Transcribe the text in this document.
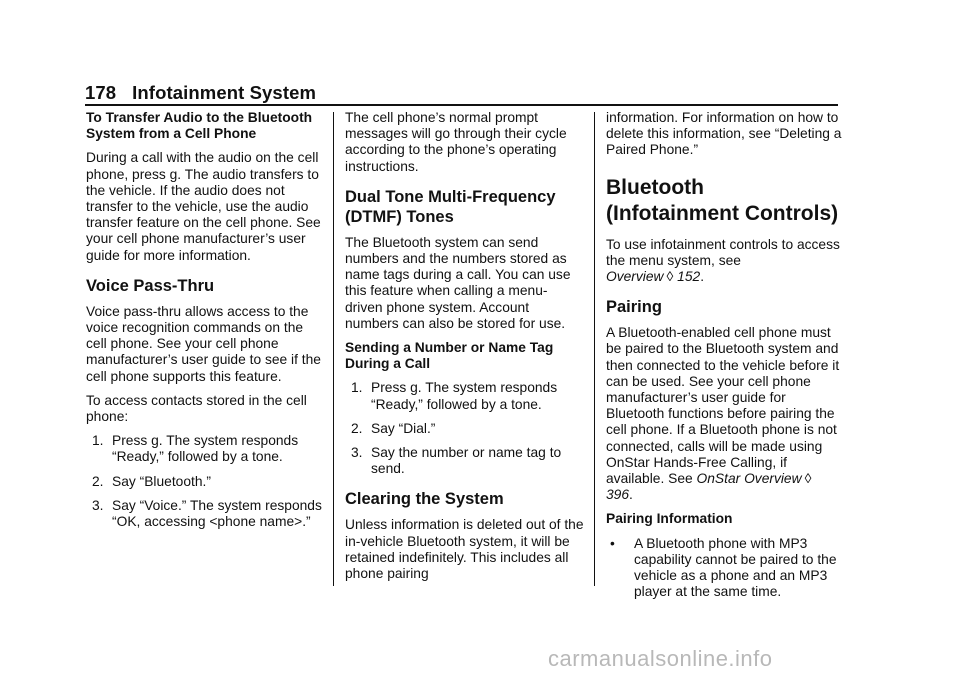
178 Infotainment System
To Transfer Audio to the Bluetooth System from a Cell Phone

During a call with the audio on the cell phone, press g. The audio transfers to the vehicle. If the audio does not transfer to the vehicle, use the audio transfer feature on the cell phone. See your cell phone manufacturer’s user guide for more information.

Voice Pass-Thru

Voice pass-thru allows access to the voice recognition commands on the cell phone. See your cell phone manufacturer’s user guide to see if the cell phone supports this feature.

To access contacts stored in the cell phone:

1. Press g. The system responds “Ready,” followed by a tone.
2. Say “Bluetooth.”
3. Say “Voice.” The system responds “OK, accessing <phone name>.”

The cell phone’s normal prompt messages will go through their cycle according to the phone’s operating instructions.

Dual Tone Multi-Frequency (DTMF) Tones

The Bluetooth system can send numbers and the numbers stored as name tags during a call. You can use this feature when calling a menu-driven phone system. Account numbers can also be stored for use.

Sending a Number or Name Tag During a Call
1. Press g. The system responds “Ready,” followed by a tone.
2. Say “Dial.”
3. Say the number or name tag to send.
Clearing the System

Unless information is deleted out of the in-vehicle Bluetooth system, it will be retained indefinitely. This includes all phone pairing

information. For information on how to delete this information, see “Deleting a Paired Phone.”

Bluetooth (Infotainment Controls)

To use infotainment controls to access the menu system, see
Overview ◊ 152.

Pairing

A Bluetooth-enabled cell phone must be paired to the Bluetooth system and then connected to the vehicle before it can be used. See your cell phone manufacturer’s user guide for Bluetooth functions before pairing the cell phone. If a Bluetooth phone is not connected, calls will be made using OnStar Hands-Free Calling, if available. See OnStar Overview ◊ 396.

Pairing Information
•	A Bluetooth phone with MP3 capability cannot be paired to the vehicle as a phone and an MP3 player at the same time.
carmanualsonline.info
